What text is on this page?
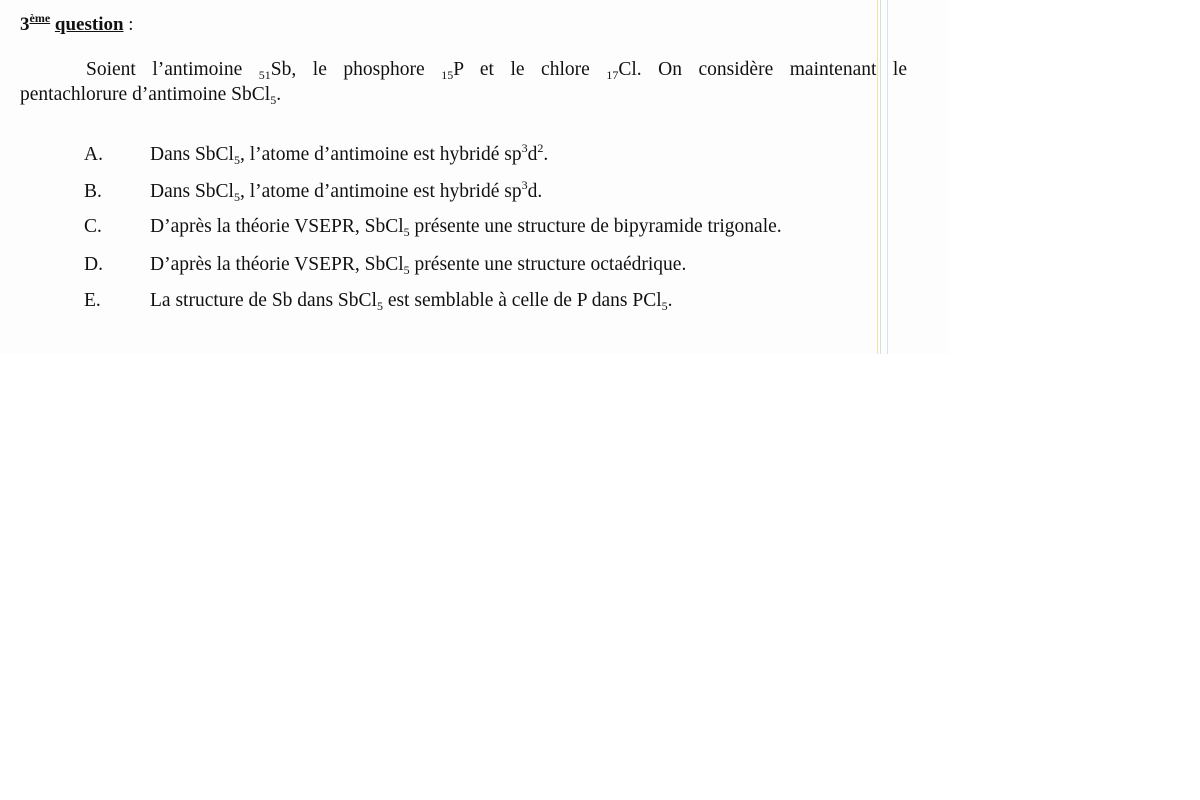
3ème question :
Soient l’antimoine $_{51}$Sb, le phosphore $_{15}$P et le chlore $_{17}$Cl. On considère maintenant le
pentachlorure d’antimoine SbCl$_5$.
A. Dans SbCl$_5$, l’atome d’antimoine est hybridé $sp^3d^2$.
B. Dans SbCl$_5$, l’atome d’antimoine est hybridé $sp^3d$.
C. D’après la théorie VSEPR, SbCl$_5$ présente une structure de bipyramide trigonale.
D. D’après la théorie VSEPR, SbCl$_5$ présente une structure octaédrique.
E.	La structure de Sb dans SbCl$_5$ est semblable à celle de P dans PCl$_5$.
